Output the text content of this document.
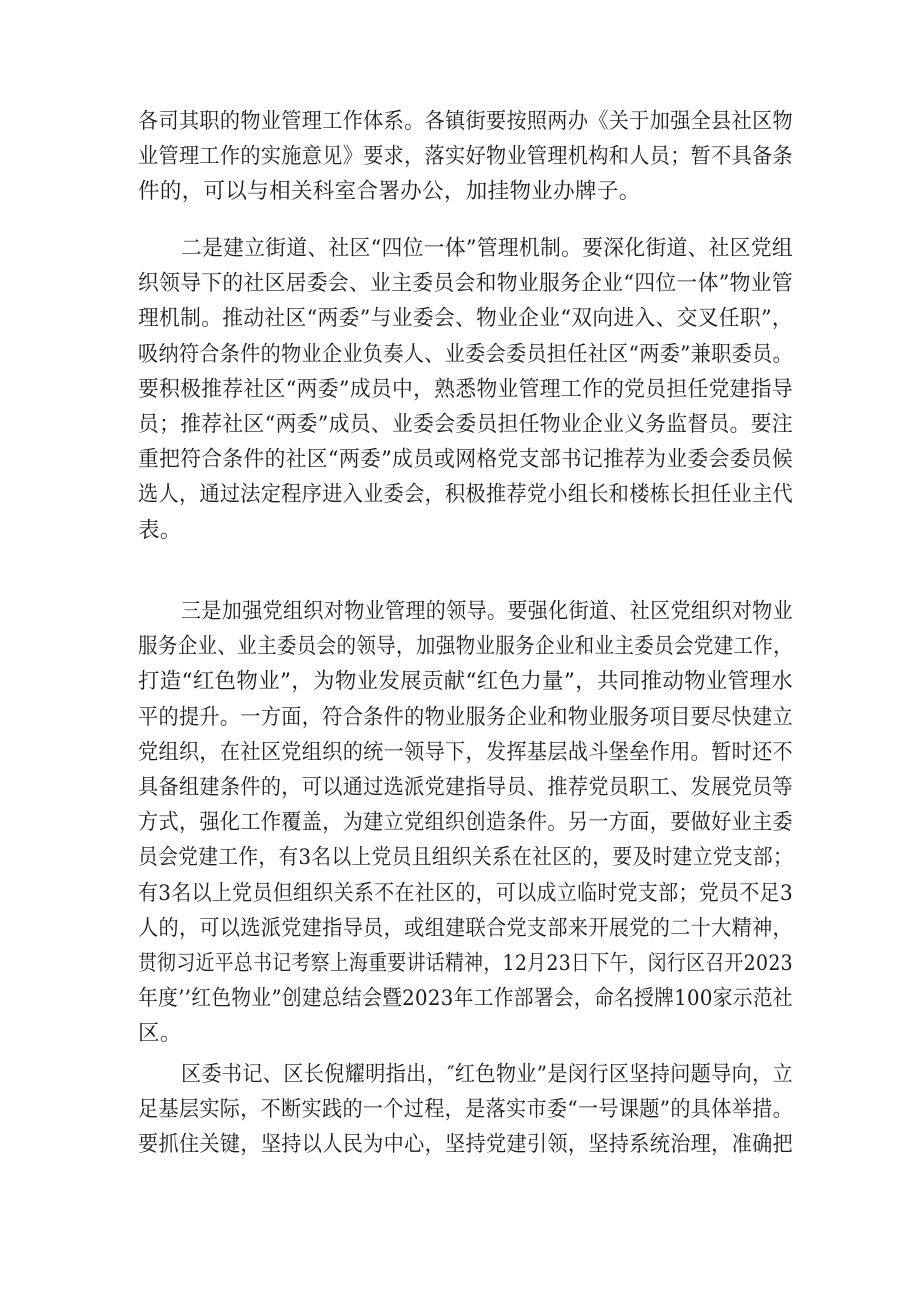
各司其职的物业管理工作体系。各镇街要按照两办《关于加强全县社区物
业管理工作的实施意见》要求，落实好物业管理机构和人员；暂不具备条
件的，可以与相关科室合署办公，加挂物业办牌子。
二是建立街道、社区“四位一体”管理机制。要深化街道、社区党组
织领导下的社区居委会、业主委员会和物业服务企业“四位一体”物业管
理机制。推动社区“两委”与业委会、物业企业“双向进入、交叉任职”，
吸纳符合条件的物业企业负奏人、业委会委员担任社区“两委”兼职委员。
要积极推荐社区“两委”成员中，熟悉物业管理工作的党员担任党建指导
员；推荐社区“两委”成员、业委会委员担任物业企业义务监督员。要注
重把符合条件的社区“两委”成员或网格党支部书记推荐为业委会委员候
选人，通过法定程序进入业委会，积极推荐党小组长和楼栋长担任业主代
表。
三是加强党组织对物业管理的领导。要强化街道、社区党组织对物业
服务企业、业主委员会的领导，加强物业服务企业和业主委员会党建工作，
打造“红色物业”，为物业发展贡献“红色力量”，共同推动物业管理水
平的提升。一方面，符合条件的物业服务企业和物业服务项目要尽快建立
党组织，在社区党组织的统一领导下，发挥基层战斗堡垒作用。暂时还不
具备组建条件的，可以通过选派党建指导员、推荐党员职工、发展党员等
方式，强化工作覆盖，为建立党组织创造条件。另一方面，要做好业主委
员会党建工作，有3名以上党员且组织关系在社区的，要及时建立党支部；
有3名以上党员但组织关系不在社区的，可以成立临时党支部；党员不足3
人的，可以选派党建指导员，或组建联合党支部来开展党的二十大精神，
贯彻习近平总书记考察上海重要讲话精神，12月23日下午，闵行区召开2023
年度’’红色物业”创建总结会暨2023年工作部署会，命名授牌100家示范社
区。
区委书记、区长倪耀明指出，″红色物业”是闵行区坚持问题导向，立
足基层实际，不断实践的一个过程，是落实市委“一号课题”的具体举措。
要抓住关键，坚持以人民为中心，坚持党建引领，坚持系统治理，准确把
